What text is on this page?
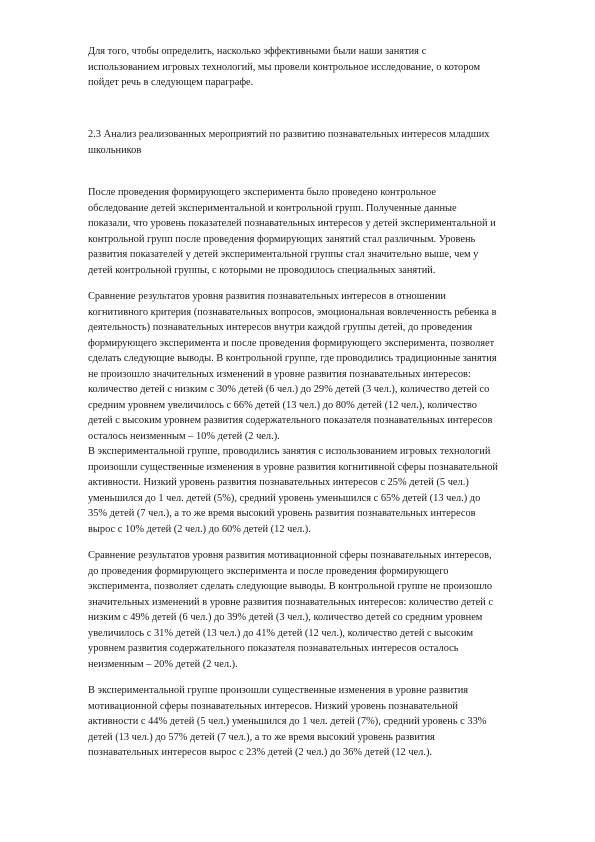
Для того, чтобы определить, насколько эффективными были наши занятия с
использованием игровых технологий, мы провели контрольное исследование, о котором
пойдет речь в следующем параграфе.

2.3 Анализ реализованных мероприятий по развитию познавательных интересов младших
школьников

После проведения формирующего эксперимента было проведено контрольное
обследование детей экспериментальной и контрольной групп. Полученные данные
показали, что уровень показателей познавательных интересов у детей экспериментальной и
контрольной групп после проведения формирующих занятий стал различным. Уровень
развития показателей у детей экспериментальной группы стал значительно выше, чем у
детей контрольной группы, с которыми не проводилось специальных занятий.

Сравнение результатов уровня развития познавательных интересов в отношении
когнитивного критерия (познавательных вопросов, эмоциональная вовлеченность ребенка в
деятельность) познавательных интересов внутри каждой группы детей, до проведения
формирующего эксперимента и после проведения формирующего эксперимента, позволяет
сделать следующие выводы. В контрольной группе, где проводились традиционные занятия
не произошло значительных изменений в уровне развития познавательных интересов:
количество детей с низким с 30% детей (6 чел.) до 29% детей (3 чел.), количество детей со
средним уровнем увеличилось с 66% детей (13 чел.) до 80% детей (12 чел.), количество
детей с высоким уровнем развития содержательного показателя познавательных интересов
осталось неизменным – 10% детей (2 чел.).

В экспериментальной группе, проводились занятия с использованием игровых технологий
произошли существенные изменения в уровне развития когнитивной сферы познавательной
активности. Низкий уровень развития познавательных интересов с 25% детей (5 чел.)
уменьшился до 1 чел. детей (5%), средний уровень уменьшился с 65% детей (13 чел.) до
35% детей (7 чел.), а то же время высокий уровень развития познавательных интересов
вырос с 10% детей (2 чел.) до 60% детей (12 чел.).

Сравнение результатов уровня развития мотивационной сферы познавательных интересов,
до проведения формирующего эксперимента и после проведения формирующего
эксперимента, позволяет сделать следующие выводы. В контрольной группе не произошло
значительных изменений в уровне развития познавательных интересов: количество детей с
низким с 49% детей (6 чел.) до 39% детей (3 чел.), количество детей со средним уровнем
увеличилось с 31% детей (13 чел.) до 41% детей (12 чел.), количество детей с высоким
уровнем развития содержательного показателя познавательных интересов осталось
неизменным – 20% детей (2 чел.).

В экспериментальной группе произошли существенные изменения в уровне развития
мотивационной сферы познавательных интересов. Низкий уровень познавательной
активности с 44% детей (5 чел.) уменьшился до 1 чел. детей (7%), средний уровень с 33%
детей (13 чел.) до 57% детей (7 чел.), а то же время высокий уровень развития
познавательных интересов вырос с 23% детей (2 чел.) до 36% детей (12 чел.).
